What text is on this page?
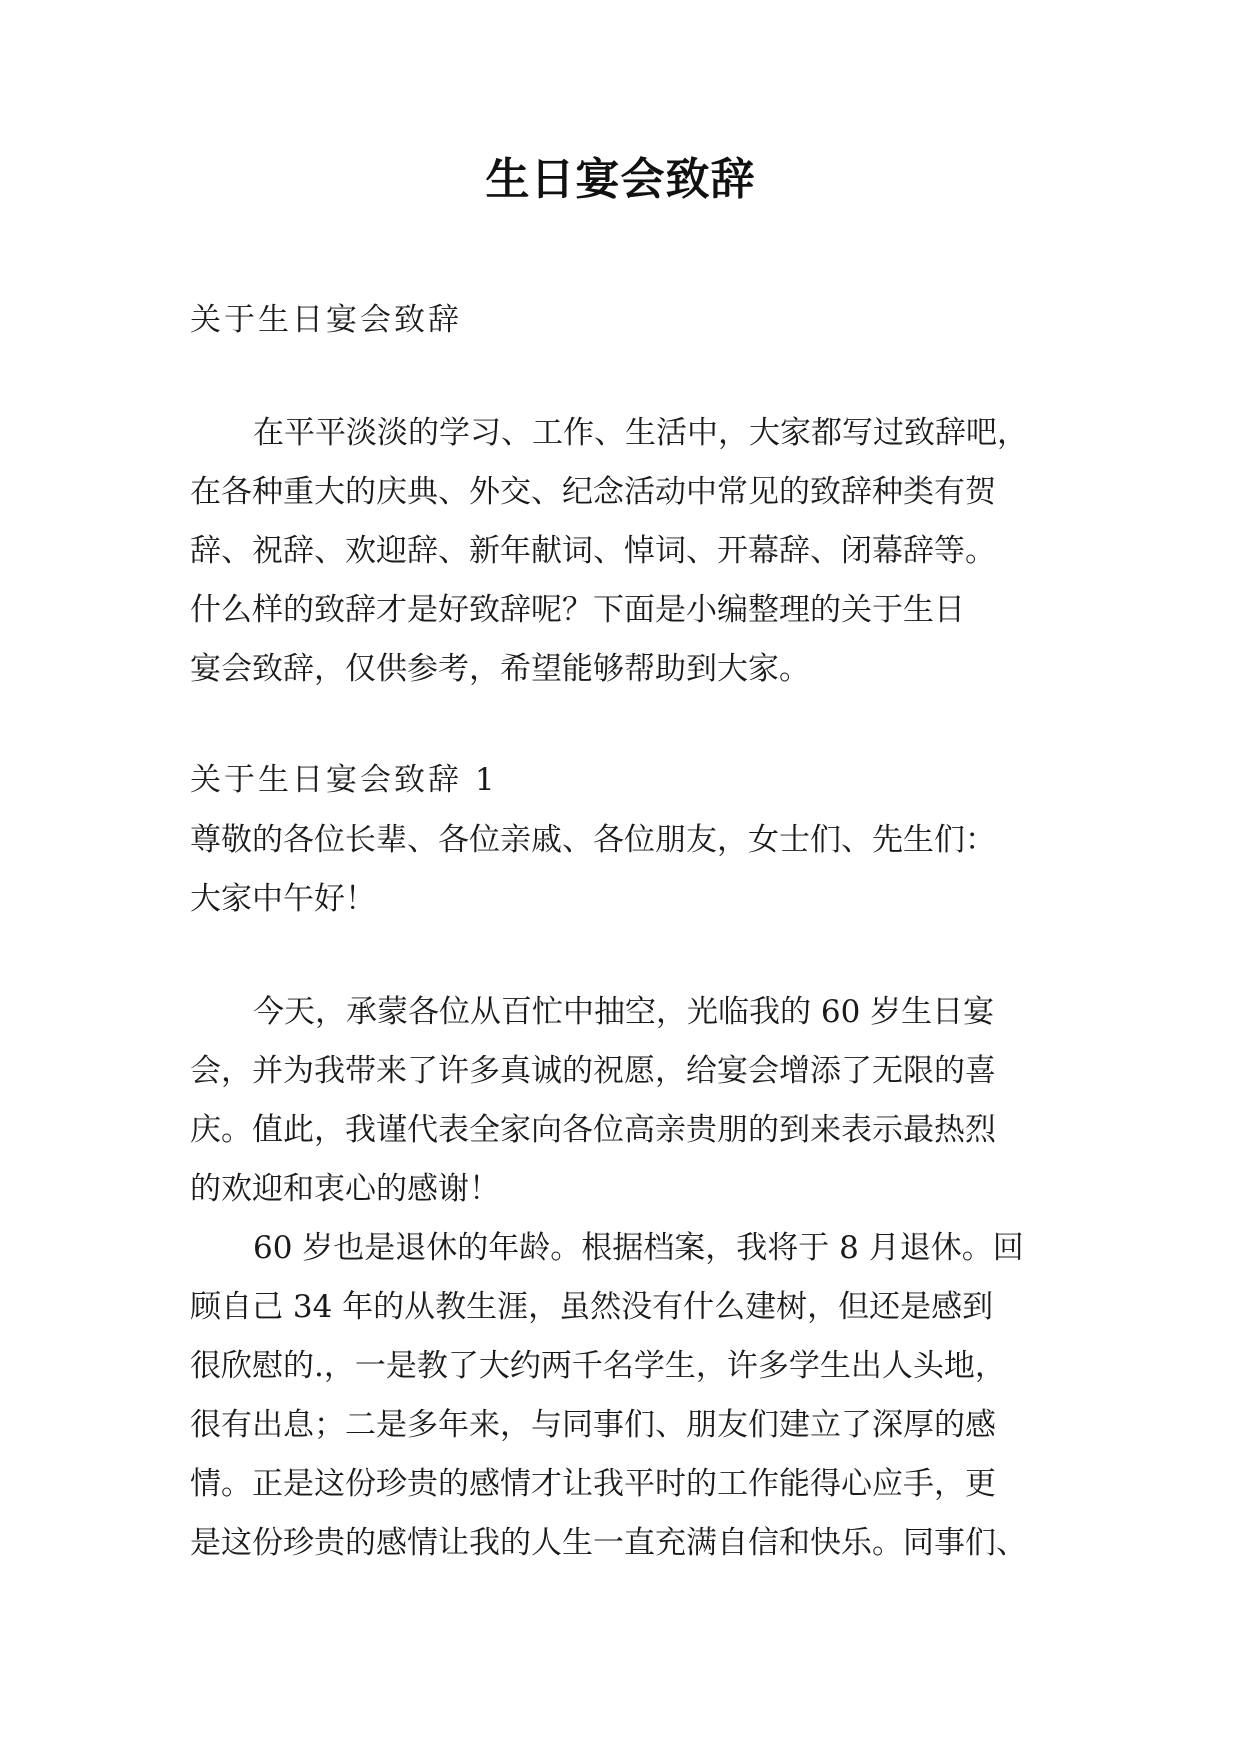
生日宴会致辞
关于生日宴会致辞
在平平淡淡的学习、工作、生活中，大家都写过致辞吧，
在各种重大的庆典、外交、纪念活动中常见的致辞种类有贺
辞、祝辞、欢迎辞、新年献词、悼词、开幕辞、闭幕辞等。
什么样的致辞才是好致辞呢？下面是小编整理的关于生日
宴会致辞，仅供参考，希望能够帮助到大家。
关于生日宴会致辞 1
尊敬的各位长辈、各位亲戚、各位朋友，女士们、先生们：
大家中午好！
今天，承蒙各位从百忙中抽空，光临我的 60 岁生日宴
会，并为我带来了许多真诚的祝愿，给宴会增添了无限的喜
庆。值此，我谨代表全家向各位高亲贵朋的到来表示最热烈
的欢迎和衷心的感谢！
60 岁也是退休的年龄。根据档案，我将于 8 月退休。回
顾自己 34 年的从教生涯，虽然没有什么建树，但还是感到
很欣慰的.，一是教了大约两千名学生，许多学生出人头地，
很有出息；二是多年来，与同事们、朋友们建立了深厚的感
情。正是这份珍贵的感情才让我平时的工作能得心应手，更
是这份珍贵的感情让我的人生一直充满自信和快乐。同事们、
